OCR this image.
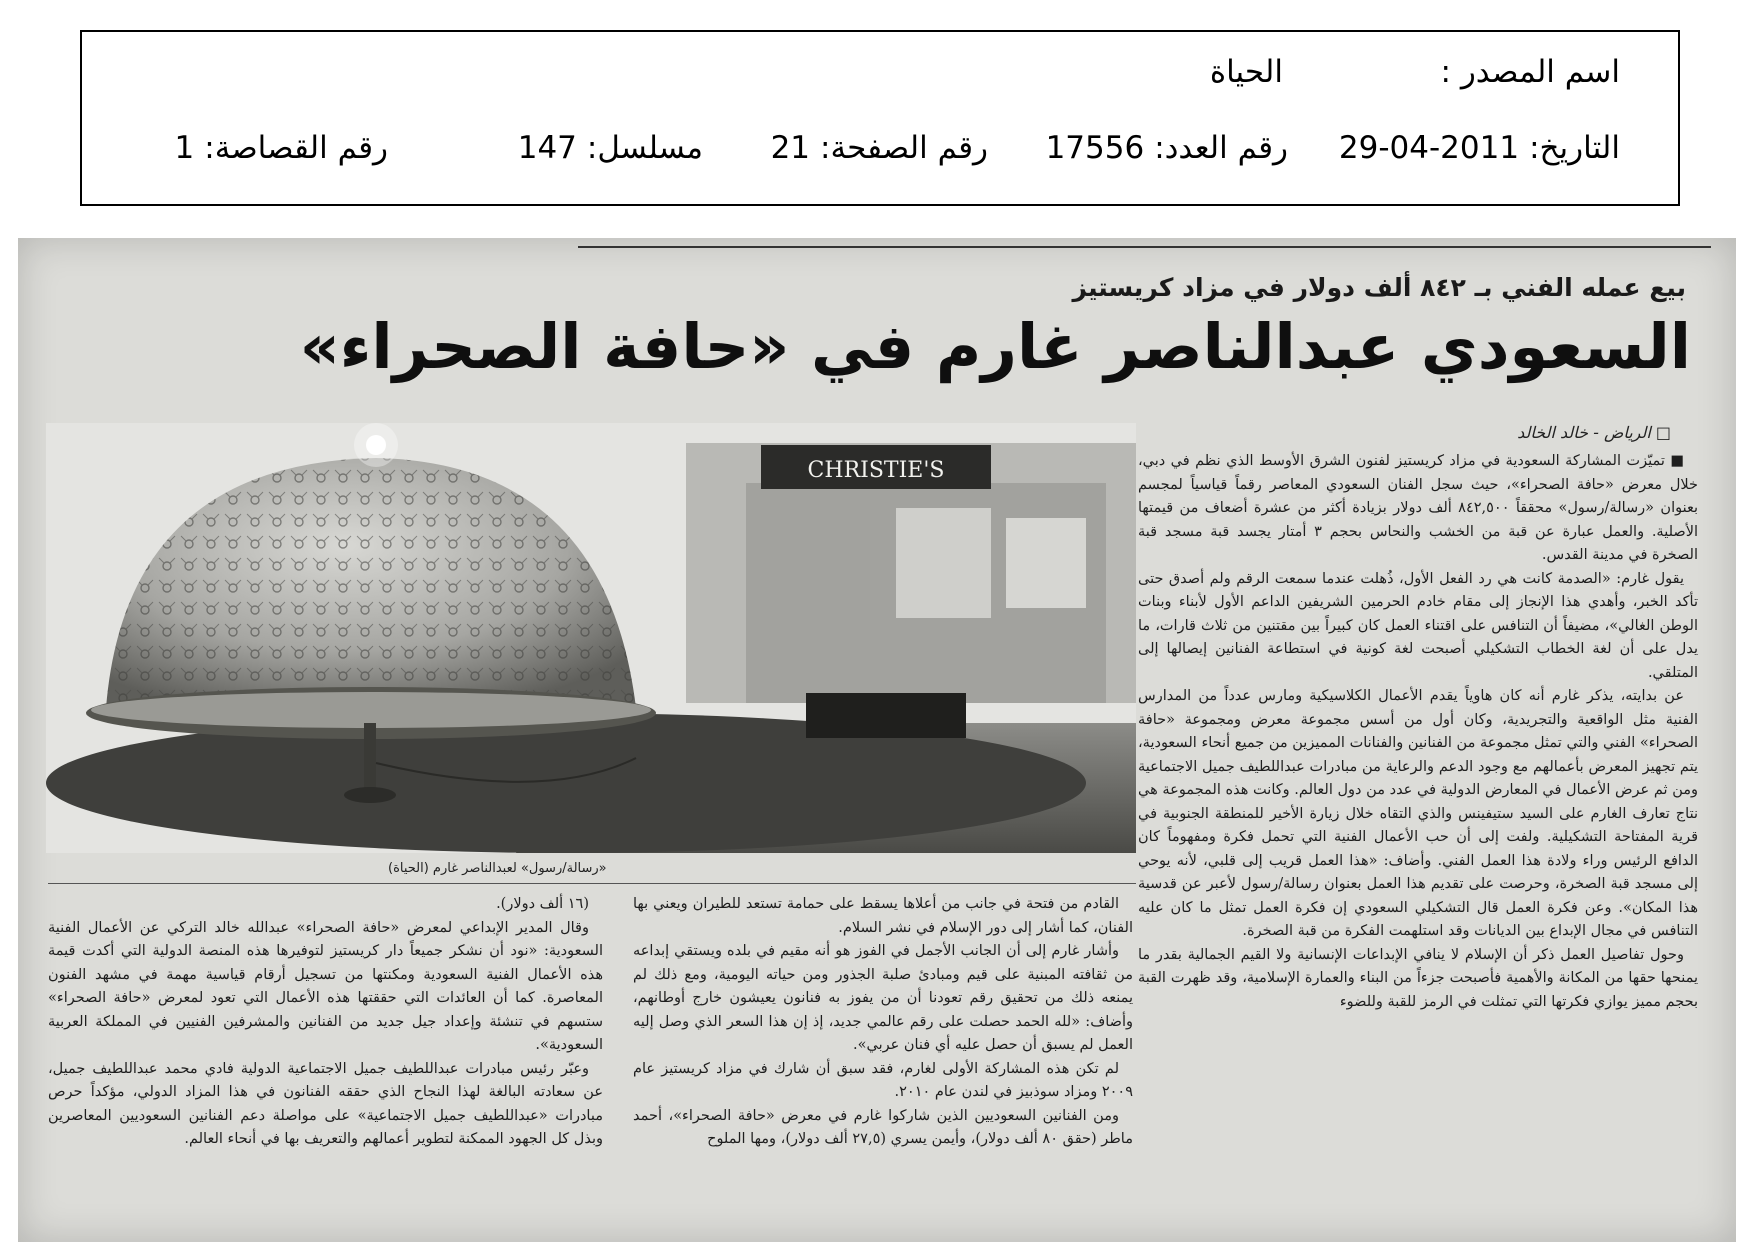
اسم المصدر :
الحياة
التاريخ:2011-04-29
رقم العدد:17556
رقم الصفحة:21
مسلسل:147
رقم القصاصة:1
بيع عمله الفني بـ ٨٤٢ ألف دولار في مزاد كريستيز
السعودي عبدالناصر غارم في «حافة الصحراء»
□ الرياض - خالد الخالد
CHRISTIE'S
«رسالة/رسول» لعبدالناصر غارم (الحياة)

■ تميّزت المشاركة السعودية في مزاد كريستيز لفنون الشرق الأوسط الذي نظم في دبي، خلال معرض «حافة الصحراء»، حيث سجل الفنان السعودي المعاصر رقماً قياسياً لمجسم بعنوان «رسالة/رسول» محققاً ٨٤٢,٥٠٠ ألف دولار بزيادة أكثر من عشرة أضعاف من قيمتها الأصلية. والعمل عبارة عن قبة من الخشب والنحاس بحجم ٣ أمتار يجسد قبة مسجد قبة الصخرة في مدينة القدس.

يقول غارم: «الصدمة كانت هي رد الفعل الأول، ذُهلت عندما سمعت الرقم ولم أصدق حتى تأكد الخبر، وأهدي هذا الإنجاز إلى مقام خادم الحرمين الشريفين الداعم الأول لأبناء وبنات الوطن الغالي»، مضيفاً أن التنافس على اقتناء العمل كان كبيراً بين مقتنين من ثلاث قارات، ما يدل على أن لغة الخطاب التشكيلي أصبحت لغة كونية في استطاعة الفنانين إيصالها إلى المتلقي.

عن بدايته، يذكر غارم أنه كان هاوياً يقدم الأعمال الكلاسيكية ومارس عدداً من المدارس الفنية مثل الواقعية والتجريدية، وكان أول من أسس مجموعة معرض ومجموعة «حافة الصحراء» الفني والتي تمثل مجموعة من الفنانين والفنانات المميزين من جميع أنحاء السعودية، يتم تجهيز المعرض بأعمالهم مع وجود الدعم والرعاية من مبادرات عبداللطيف جميل الاجتماعية ومن ثم عرض الأعمال في المعارض الدولية في عدد من دول العالم. وكانت هذه المجموعة هي نتاج تعارف الغارم على السيد ستيفينس والذي التقاه خلال زيارة الأخير للمنطقة الجنوبية في قرية المفتاحة التشكيلية. ولفت إلى أن حب الأعمال الفنية التي تحمل فكرة ومفهوماً كان الدافع الرئيس وراء ولادة هذا العمل الفني. وأضاف: «هذا العمل قريب إلى قلبي، لأنه يوحي إلى مسجد قبة الصخرة، وحرصت على تقديم هذا العمل بعنوان رسالة/رسول لأعبر عن قدسية هذا المكان». وعن فكرة العمل قال التشكيلي السعودي إن فكرة العمل تمثل ما كان عليه التنافس في مجال الإبداع بين الديانات وقد استلهمت الفكرة من قبة الصخرة.

وحول تفاصيل العمل ذكر أن الإسلام لا ينافي الإبداعات الإنسانية ولا القيم الجمالية بقدر ما يمنحها حقها من المكانة والأهمية فأصبحت جزءاً من البناء والعمارة الإسلامية، وقد ظهرت القبة بحجم مميز يوازي فكرتها التي تمثلت في الرمز للقبة وللضوء

القادم من فتحة في جانب من أعلاها يسقط على حمامة تستعد للطيران ويعني بها الفنان، كما أشار إلى دور الإسلام في نشر السلام.

وأشار غارم إلى أن الجانب الأجمل في الفوز هو أنه مقيم في بلده ويستقي إبداعه من ثقافته المبنية على قيم ومبادئ صلبة الجذور ومن حياته اليومية، ومع ذلك لم يمنعه ذلك من تحقيق رقم تعودنا أن من يفوز به فنانون يعيشون خارج أوطانهم، وأضاف: «لله الحمد حصلت على رقم عالمي جديد، إذ إن هذا السعر الذي وصل إليه العمل لم يسبق أن حصل عليه أي فنان عربي».

لم تكن هذه المشاركة الأولى لغارم، فقد سبق أن شارك في مزاد كريستيز عام ٢٠٠٩ ومزاد سوذبيز في لندن عام ٢٠١٠.

ومن الفنانين السعوديين الذين شاركوا غارم في معرض «حافة الصحراء»، أحمد ماطر (حقق ٨٠ ألف دولار)، وأيمن يسري (٢٧,٥ ألف دولار)، ومها الملوح

(١٦ ألف دولار).

وقال المدير الإبداعي لمعرض «حافة الصحراء» عبدالله خالد التركي عن الأعمال الفنية السعودية: «نود أن نشكر جميعاً دار كريستيز لتوفيرها هذه المنصة الدولية التي أكدت قيمة هذه الأعمال الفنية السعودية ومكنتها من تسجيل أرقام قياسية مهمة في مشهد الفنون المعاصرة. كما أن العائدات التي حققتها هذه الأعمال التي تعود لمعرض «حافة الصحراء» ستسهم في تنشئة وإعداد جيل جديد من الفنانين والمشرفين الفنيين في المملكة العربية السعودية».

وعبّر رئيس مبادرات عبداللطيف جميل الاجتماعية الدولية فادي محمد عبداللطيف جميل، عن سعادته البالغة لهذا النجاح الذي حققه الفنانون في هذا المزاد الدولي، مؤكداً حرص مبادرات «عبداللطيف جميل الاجتماعية» على مواصلة دعم الفنانين السعوديين المعاصرين وبذل كل الجهود الممكنة لتطوير أعمالهم والتعريف بها في أنحاء العالم.
